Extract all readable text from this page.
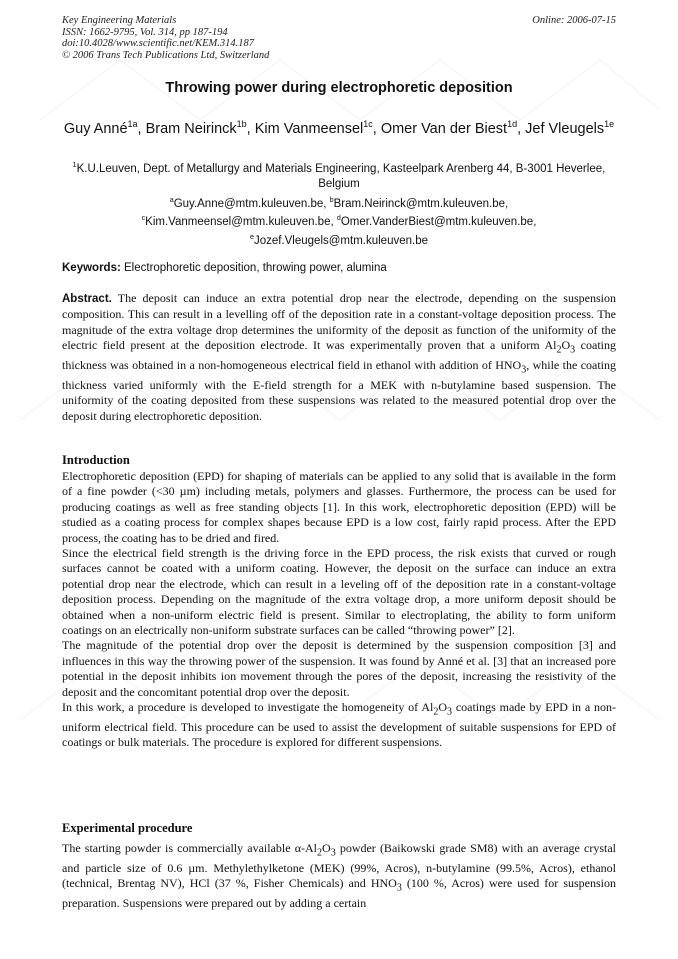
Key Engineering Materials
ISSN: 1662-9795, Vol. 314, pp 187-194
doi:10.4028/www.scientific.net/KEM.314.187
© 2006 Trans Tech Publications Ltd, Switzerland
Online: 2006-07-15
Throwing power during electrophoretic deposition
Guy Anné$^{1a}$, Bram Neirinck$^{1b}$, Kim Vanmeensel$^{1c}$, Omer Van der Biest$^{1d}$, Jef Vleugels$^{1e}$
$^1$K.U.Leuven, Dept. of Metallurgy and Materials Engineering, Kasteelpark Arenberg 44, B-3001 Heverlee, Belgium
$^a$Guy.Anne@mtm.kuleuven.be, $^b$Bram.Neirinck@mtm.kuleuven.be,
$^c$Kim.Vanmeensel@mtm.kuleuven.be, $^d$Omer.VanderBiest@mtm.kuleuven.be,
$^e$Jozef.Vleugels@mtm.kuleuven.be
Keywords: Electrophoretic deposition, throwing power, alumina
Abstract. The deposit can induce an extra potential drop near the electrode, depending on the suspension composition. This can result in a levelling off of the deposition rate in a constant-voltage deposition process. The magnitude of the extra voltage drop determines the uniformity of the deposit as function of the uniformity of the electric field present at the deposition electrode. It was experimentally proven that a uniform $Al_2O_3$ coating thickness was obtained in a non-homogeneous electrical field in ethanol with addition of $HNO_3$, while the coating thickness varied uniformly with the E-field strength for a MEK with n-butylamine based suspension. The uniformity of the coating deposited from these suspensions was related to the measured potential drop over the deposit during electrophoretic deposition.
Introduction

Electrophoretic deposition (EPD) for shaping of materials can be applied to any solid that is available in the form of a fine powder (<30 µm) including metals, polymers and glasses. Furthermore, the process can be used for producing coatings as well as free standing objects [1]. In this work, electrophoretic deposition (EPD) will be studied as a coating process for complex shapes because EPD is a low cost, fairly rapid process. After the EPD process, the coating has to be dried and fired.

Since the electrical field strength is the driving force in the EPD process, the risk exists that curved or rough surfaces cannot be coated with a uniform coating. However, the deposit on the surface can induce an extra potential drop near the electrode, which can result in a leveling off of the deposition rate in a constant-voltage deposition process. Depending on the magnitude of the extra voltage drop, a more uniform deposit should be obtained when a non-uniform electric field is present. Similar to electroplating, the ability to form uniform coatings on an electrically non-uniform substrate surfaces can be called “throwing power” [2].

The magnitude of the potential drop over the deposit is determined by the suspension composition [3] and influences in this way the throwing power of the suspension. It was found by Anné et al. [3] that an increased pore potential in the deposit inhibits ion movement through the pores of the deposit, increasing the resistivity of the deposit and the concomitant potential drop over the deposit.

In this work, a procedure is developed to investigate the homogeneity of $Al_2O_3$ coatings made by EPD in a non-uniform electrical field. This procedure can be used to assist the development of suitable suspensions for EPD of coatings or bulk materials. The procedure is explored for different suspensions.

Experimental procedure

The starting powder is commercially available $\alpha-Al_2O_3$ powder (Baikowski grade SM8) with an average crystal and particle size of 0.6 µm. Methylethylketone (MEK) (99%, Acros), n-butylamine (99.5%, Acros), ethanol (technical, Brentag NV), HCl (37 %, Fisher Chemicals) and $HNO_3$ (100 %, Acros) were used for suspension preparation. Suspensions were prepared out by adding a certain
